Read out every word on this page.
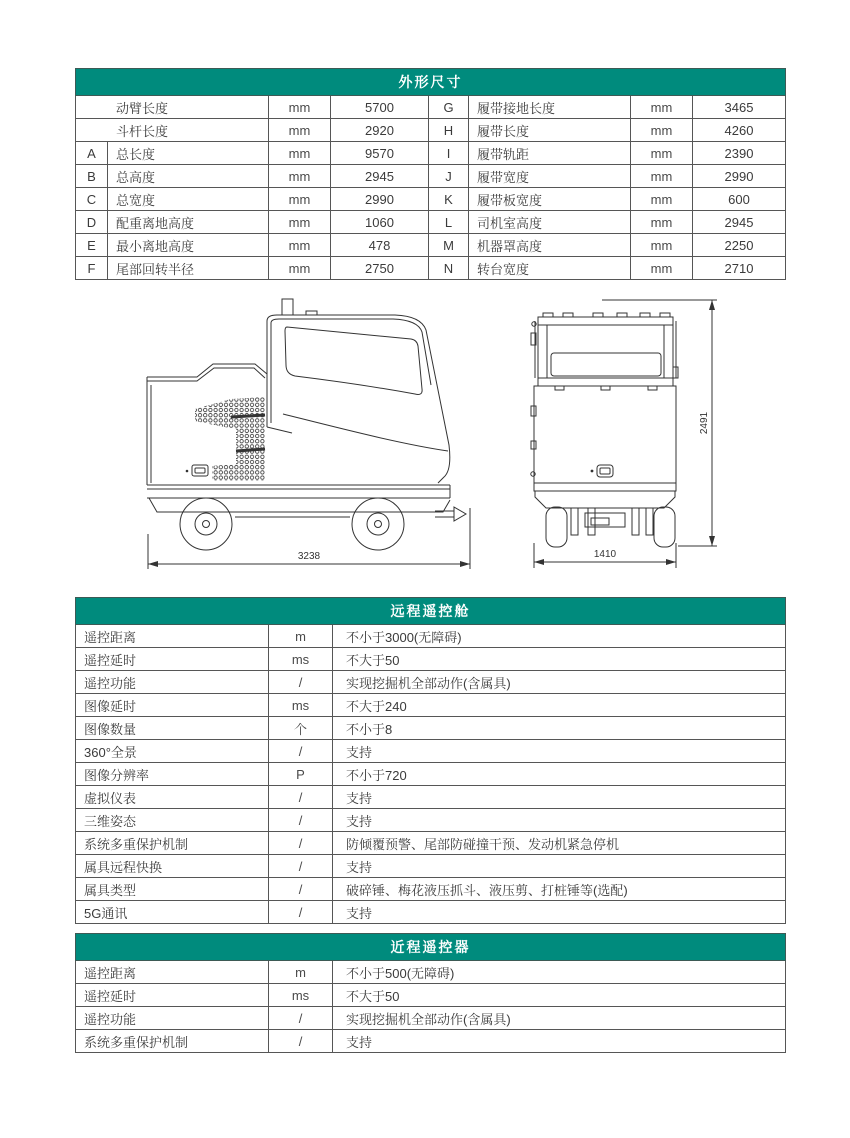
外形尺寸							
动臂长度		mm	5700	G	履带接地长度	mm	3465
斗杆长度		mm	2920	H	履带长度	mm	4260
A	总长度	mm	9570	I	履带轨距	mm	2390
B	总高度	mm	2945	J	履带宽度	mm	2990
C	总宽度	mm	2990	K	履带板宽度	mm	600
D	配重离地高度	mm	1060	L	司机室高度	mm	2945
E	最小离地高度	mm	478	M	机器罩高度	mm	2250
F	尾部回转半径	mm	2750	N	转台宽度	mm	2710
3238	1410
2491
远程遥控舱		
遥控距离	m	不小于3000(无障碍)
遥控延时	ms	不大于50
遥控功能	/	实现挖掘机全部动作(含属具)
图像延时	ms	不大于240
图像数量	个	不小于8
360°全景	/	支持
图像分辨率	P	不小于720
虚拟仪表	/	支持
三维姿态	/	支持
系统多重保护机制	/	防倾覆预警、尾部防碰撞干预、发动机紧急停机
属具远程快换	/	支持
属具类型	/	破碎锤、梅花液压抓斗、液压剪、打桩锤等(选配)
5G通讯	/	支持
近程遥控器		
遥控距离	m	不小于500(无障碍)
遥控延时	ms	不大于50
遥控功能	/	实现挖掘机全部动作(含属具)
系统多重保护机制	/	支持
